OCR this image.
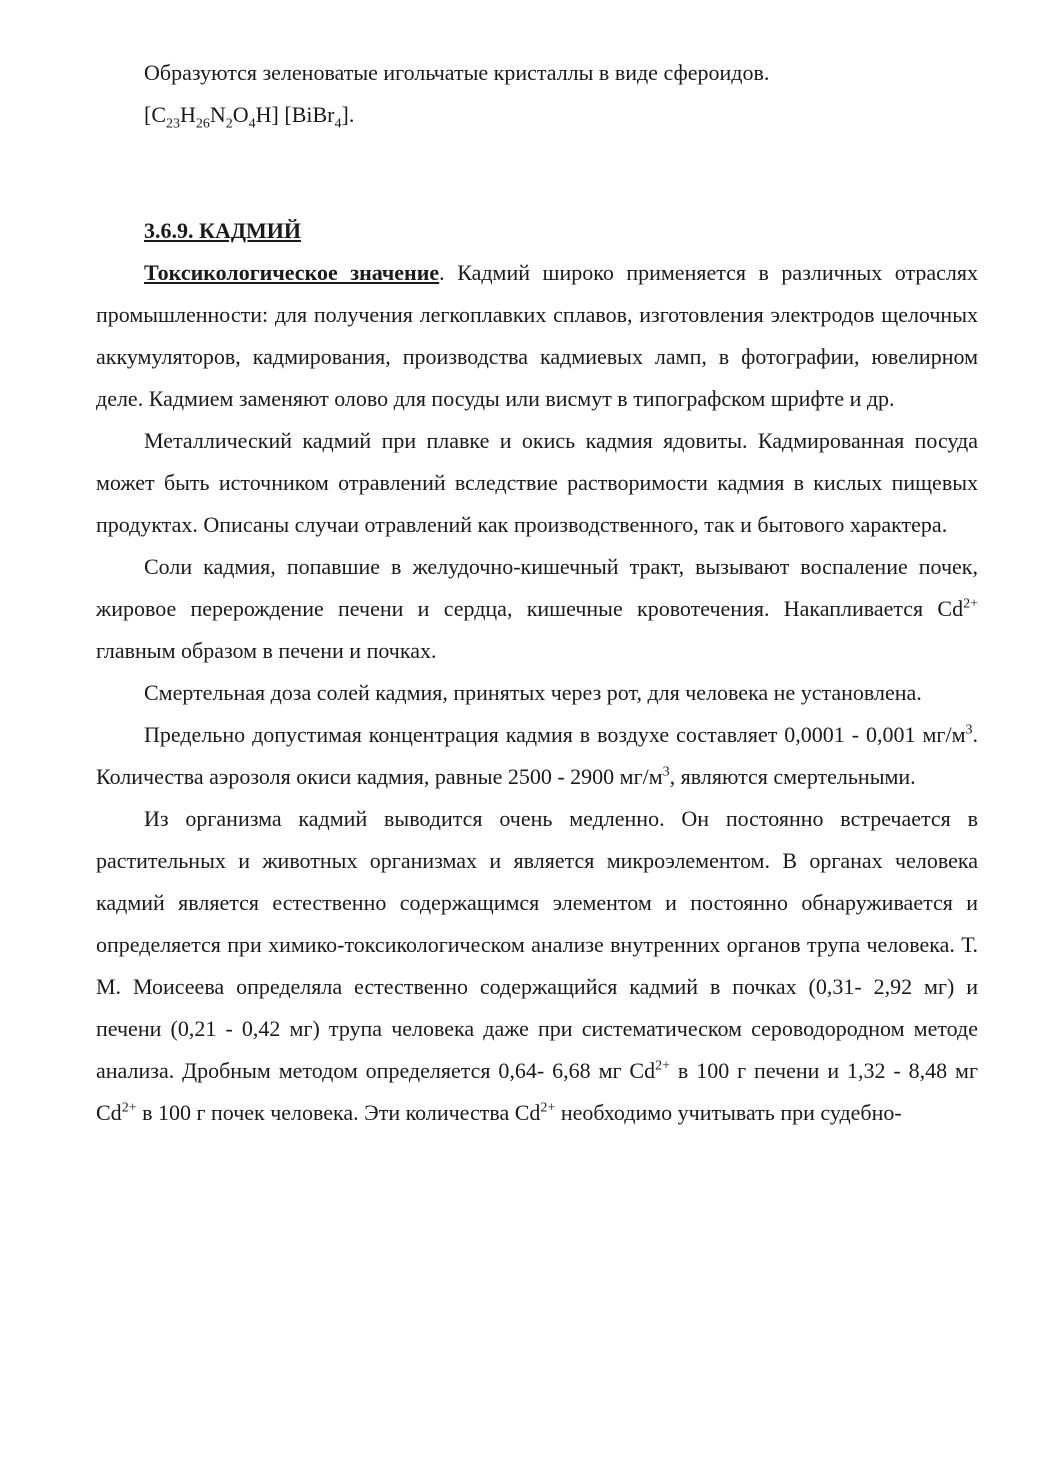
Образуются зеленоватые игольчатые кристаллы в виде сфероидов.
$[C_{23}H_{26}N_2O_4H]$ [BiBr$_4$].
3.6.9. КАДМИЙ

Токсикологическое значение. Кадмий широко применяется в различных отраслях промышленности: для получения легкоплавких сплавов, изготовления электродов щелочных аккумуляторов, кадмирования, производства кадмиевых ламп, в фотографии, ювелирном деле. Кадмием заменяют олово для посуды или висмут в типографском шрифте и др.

Металлический кадмий при плавке и окись кадмия ядовиты. Кадмированная посуда может быть источником отравлений вследствие растворимости кадмия в кислых пищевых продуктах. Описаны случаи отравлений как производственного, так и бытового характера.

Соли кадмия, попавшие в желудочно-кишечный тракт, вызывают воспаление почек, жировое перерождение печени и сердца, кишечные кровотечения. Накапливается $Cd^{2+}$ главным образом в печени и почках.

Смертельная доза солей кадмия, принятых через рот, для человека не установлена.

Предельно допустимая концентрация кадмия в воздухе составляет 0,0001 - 0,001 $мг/м^3$. Количества аэрозоля окиси кадмия, равные 2500 - 2900 $мг/м^3$, являются смертельными.

Из организма кадмий выводится очень медленно. Он постоянно встречается в растительных и животных организмах и является микроэлементом. В органах человека кадмий является естественно содержащимся элементом и постоянно обнаруживается и определяется при химико-токсикологическом анализе внутренних органов трупа человека. Т. М. Моисеева определяла естественно содержащийся кадмий в почках (0,31- 2,92 мг) и печени (0,21 - 0,42 мг) трупа человека даже при систематическом сероводородном методе анализа. Дробным методом определяется 0,64- 6,68 мг $Cd^{2+}$ в 100 г печени и 1,32 - 8,48 мг $Cd^{2+}$ в 100 г почек человека. Эти количества $Cd^{2+}$ необходимо учитывать при судебно-
